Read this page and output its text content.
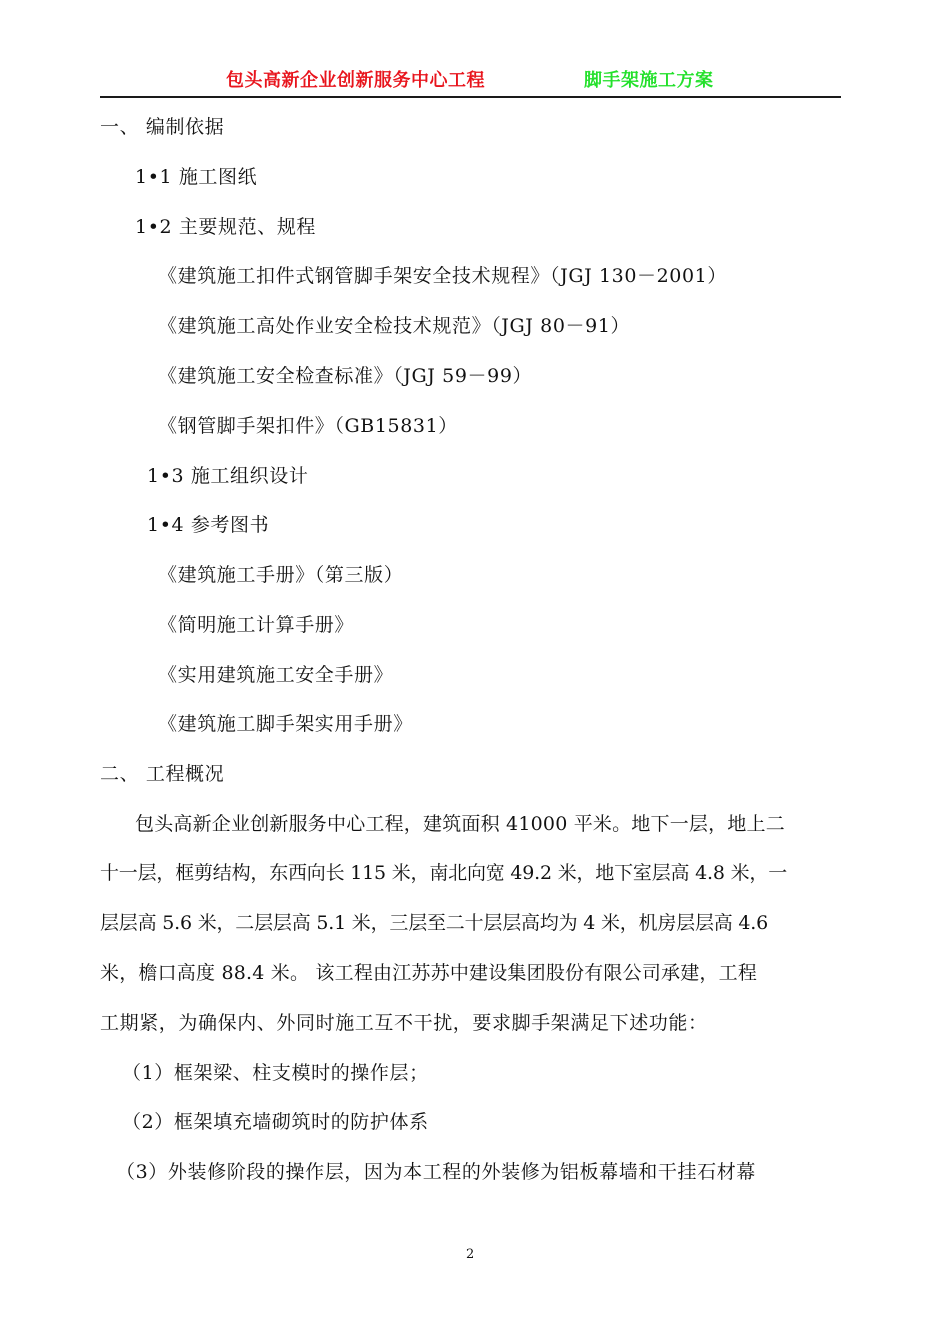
包头高新企业创新服务中心工程	脚手架施工方案
一、 编制依据
1•1 施工图纸
1•2 主要规范、规程
《建筑施工扣件式钢管脚手架安全技术规程》（JGJ 130－2001）
《建筑施工高处作业安全检技术规范》（JGJ 80－91）
《建筑施工安全检查标准》（JGJ 59－99）
《钢管脚手架扣件》（GB15831）
1•3 施工组织设计
1•4 参考图书
《建筑施工手册》（第三版）
《简明施工计算手册》
《实用建筑施工安全手册》
《建筑施工脚手架实用手册》
二、 工程概况
包头高新企业创新服务中心工程，建筑面积 41000 平米。地下一层，地上二
十一层，框剪结构，东西向长 115 米，南北向宽 49.2 米，地下室层高 4.8 米，一
层层高 5.6 米，二层层高 5.1 米，三层至二十层层高均为 4 米，机房层层高 4.6
米，檐口高度 88.4 米。 该工程由江苏苏中建设集团股份有限公司承建，工程
工期紧，为确保内、外同时施工互不干扰，要求脚手架满足下述功能：
（1）框架梁、柱支模时的操作层；
（2）框架填充墙砌筑时的防护体系
（3）外装修阶段的操作层，因为本工程的外装修为铝板幕墙和干挂石材幕
2
